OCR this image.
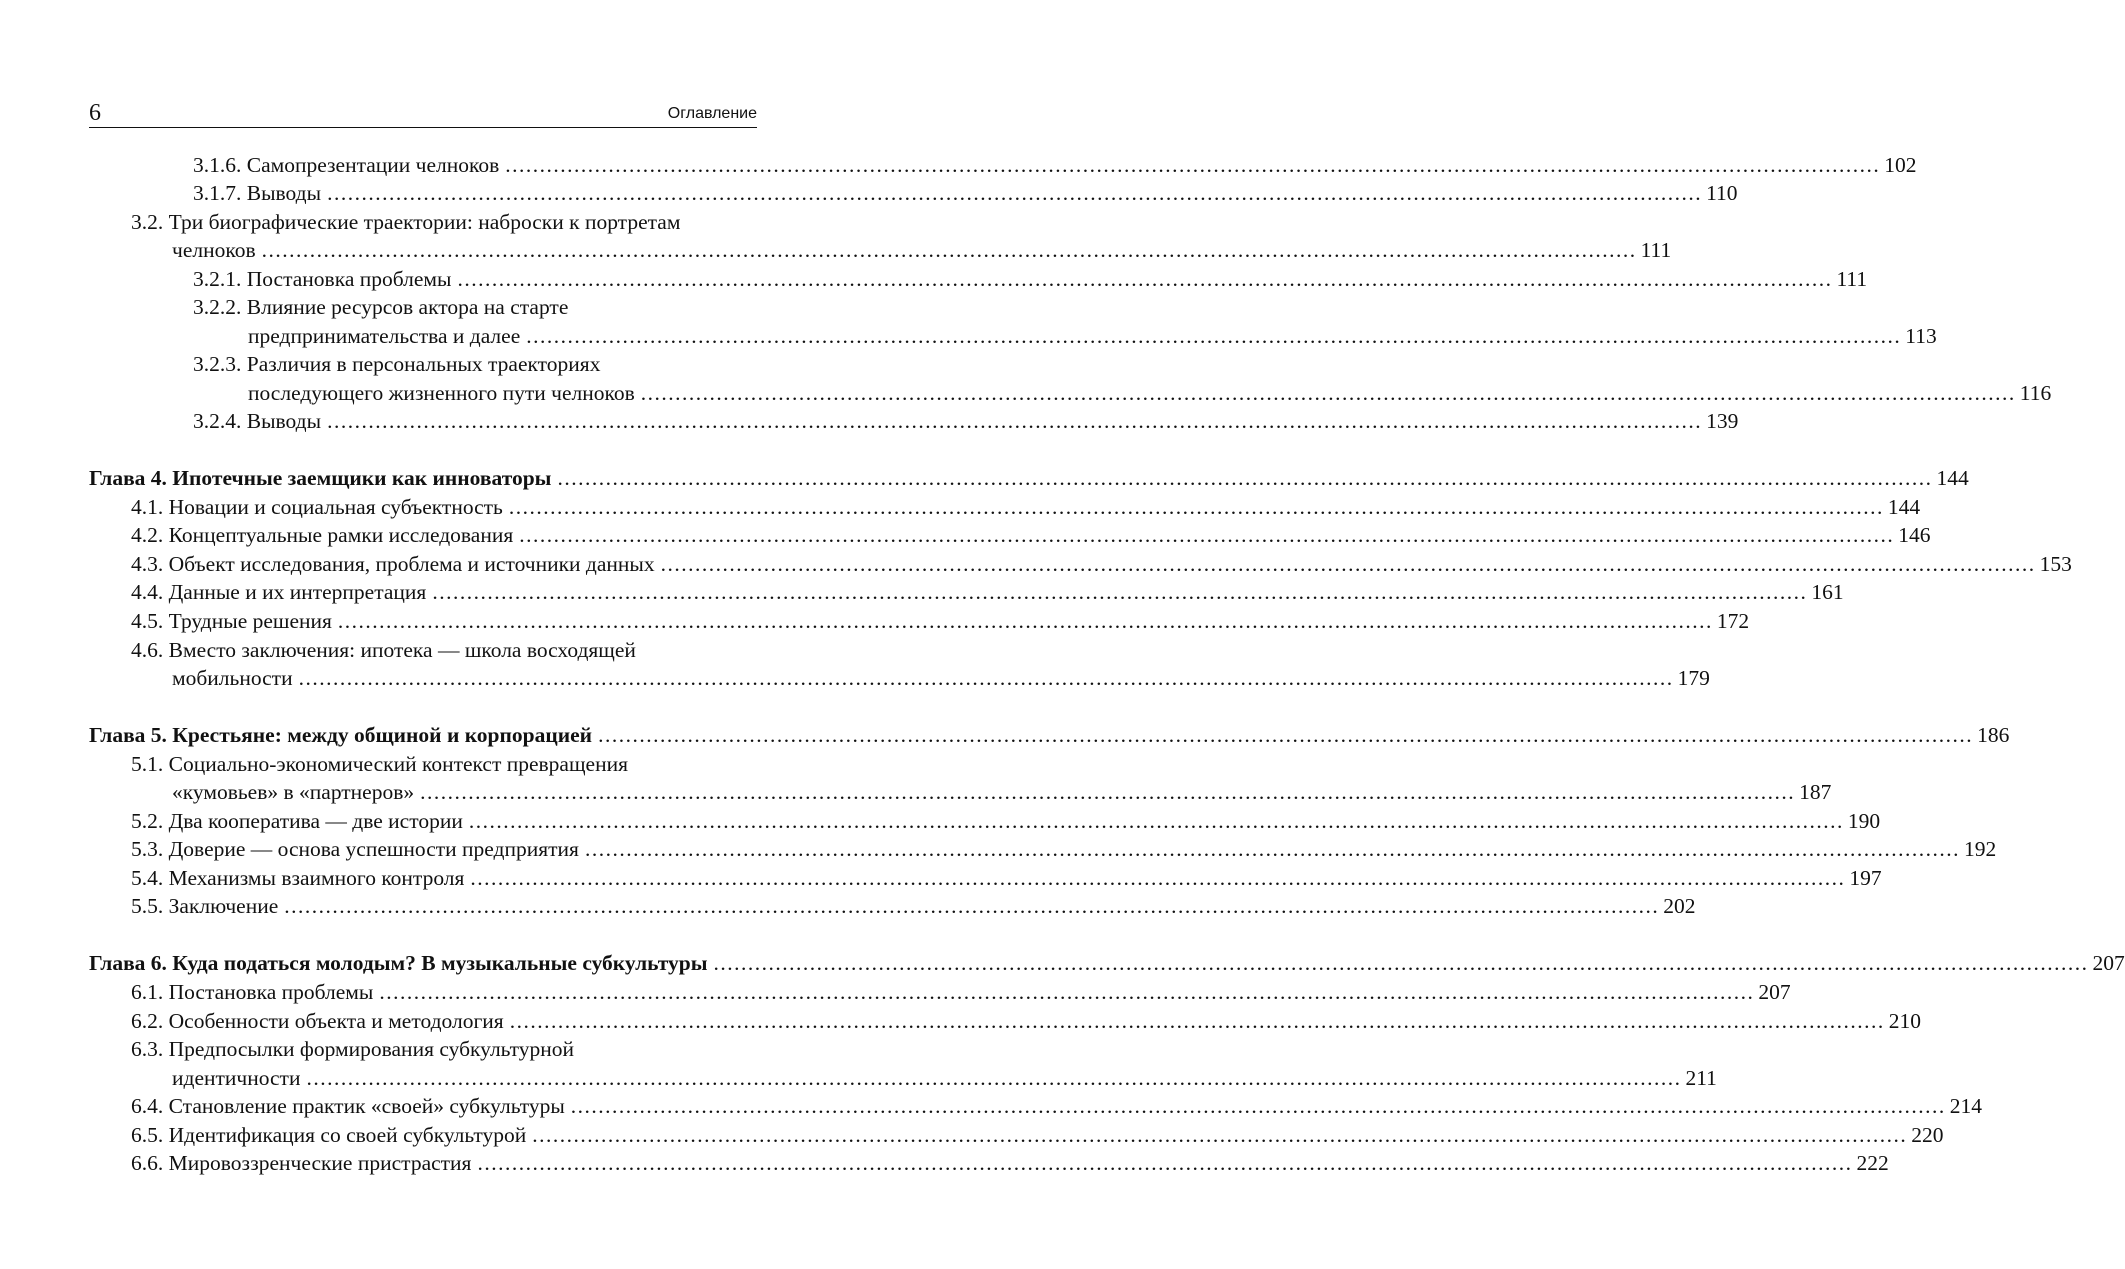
6	Оглавление
3.1.6. Самопрезентации челноков ........................................................................................................................................................................................................ 102
3.1.7. Выводы ........................................................................................................................................................................................................ 110
3.2. Три биографические траектории: наброски к портретам
челноков ........................................................................................................................................................................................................ 111
3.2.1. Постановка проблемы ........................................................................................................................................................................................................ 111
3.2.2. Влияние ресурсов актора на старте
предпринимательства и далее ........................................................................................................................................................................................................ 113
3.2.3. Различия в персональных траекториях
последующего жизненного пути челноков ........................................................................................................................................................................................................ 116
3.2.4. Выводы ........................................................................................................................................................................................................ 139
Глава 4. Ипотечные заемщики как инноваторы ........................................................................................................................................................................................................ 144
4.1. Новации и социальная субъектность ........................................................................................................................................................................................................ 144
4.2. Концептуальные рамки исследования ........................................................................................................................................................................................................ 146
4.3. Объект исследования, проблема и источники данных ........................................................................................................................................................................................................ 153
4.4. Данные и их интерпретация ........................................................................................................................................................................................................ 161
4.5. Трудные решения ........................................................................................................................................................................................................ 172
4.6. Вместо заключения: ипотека — школа восходящей
мобильности ........................................................................................................................................................................................................ 179
Глава 5. Крестьяне: между общиной и корпорацией ........................................................................................................................................................................................................ 186
5.1. Социально-экономический контекст превращения
«кумовьев» в «партнеров» ........................................................................................................................................................................................................ 187
5.2. Два кооператива — две истории ........................................................................................................................................................................................................ 190
5.3. Доверие — основа успешности предприятия ........................................................................................................................................................................................................ 192
5.4. Механизмы взаимного контроля ........................................................................................................................................................................................................ 197
5.5. Заключение ........................................................................................................................................................................................................ 202
Глава 6. Куда податься молодым? В музыкальные субкультуры ........................................................................................................................................................................................................ 207
6.1. Постановка проблемы ........................................................................................................................................................................................................ 207
6.2. Особенности объекта и методология ........................................................................................................................................................................................................ 210
6.3. Предпосылки формирования субкультурной
идентичности ........................................................................................................................................................................................................ 211
6.4. Становление практик «своей» субкультуры ........................................................................................................................................................................................................ 214
6.5. Идентификация со своей субкультурой ........................................................................................................................................................................................................ 220
6.6. Мировоззренческие пристрастия ........................................................................................................................................................................................................ 222
